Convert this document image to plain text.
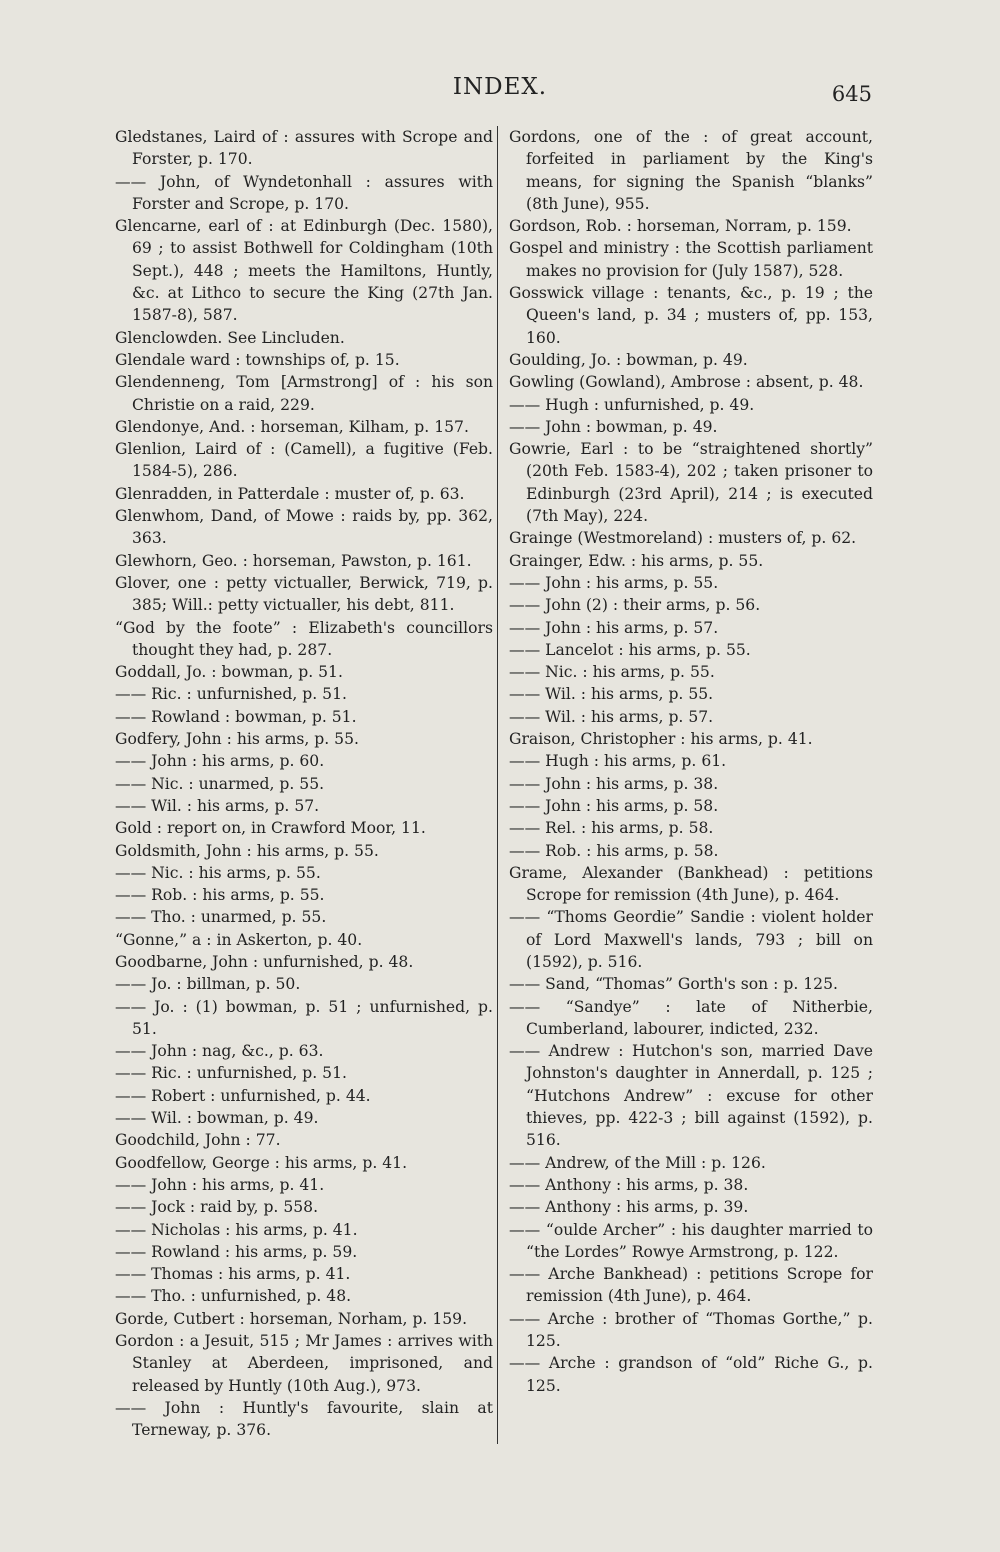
INDEX.	645
Gledstanes, Laird of : assures with Scrope and Forster, p. 170.
—— John, of Wyndetonhall : assures with Forster and Scrope, p. 170.
Glencarne, earl of : at Edinburgh (Dec. 1580), 69 ; to assist Bothwell for Coldingham (10th Sept.), 448 ; meets the Hamiltons, Huntly, &c. at Lithco to secure the King (27th Jan. 1587-8), 587.
Glenclowden. See Lincluden.
Glendale ward : townships of, p. 15.
Glendenneng, Tom [Armstrong] of : his son Christie on a raid, 229.
Glendonye, And. : horseman, Kilham, p. 157.
Glenlion, Laird of : (Camell), a fugitive (Feb. 1584-5), 286.
Glenradden, in Patterdale : muster of, p. 63.
Glenwhom, Dand, of Mowe : raids by, pp. 362, 363.
Glewhorn, Geo. : horseman, Pawston, p. 161.
Glover, one : petty victualler, Berwick, 719, p. 385; Will.: petty victualler, his debt, 811.
“God by the foote” : Elizabeth's councillors thought they had, p. 287.
Goddall, Jo. : bowman, p. 51.
—— Ric. : unfurnished, p. 51.
—— Rowland : bowman, p. 51.
Godfery, John : his arms, p. 55.
—— John : his arms, p. 60.
—— Nic. : unarmed, p. 55.
—— Wil. : his arms, p. 57.
Gold : report on, in Crawford Moor, 11.
Goldsmith, John : his arms, p. 55.
—— Nic. : his arms, p. 55.
—— Rob. : his arms, p. 55.
—— Tho. : unarmed, p. 55.
“Gonne,” a : in Askerton, p. 40.
Goodbarne, John : unfurnished, p. 48.
—— Jo. : billman, p. 50.
—— Jo. : (1) bowman, p. 51 ; unfurnished, p. 51.
—— John : nag, &c., p. 63.
—— Ric. : unfurnished, p. 51.
—— Robert : unfurnished, p. 44.
—— Wil. : bowman, p. 49.
Goodchild, John : 77.
Goodfellow, George : his arms, p. 41.
—— John : his arms, p. 41.
—— Jock : raid by, p. 558.
—— Nicholas : his arms, p. 41.
—— Rowland : his arms, p. 59.
—— Thomas : his arms, p. 41.
—— Tho. : unfurnished, p. 48.
Gorde, Cutbert : horseman, Norham, p. 159.
Gordon : a Jesuit, 515 ; Mr James : arrives with Stanley at Aberdeen, imprisoned, and released by Huntly (10th Aug.), 973.
—— John : Huntly's favourite, slain at Terneway, p. 376.
Gordons, one of the : of great account, forfeited in parliament by the King's means, for signing the Spanish “blanks” (8th June), 955.
Gordson, Rob. : horseman, Norram, p. 159.
Gospel and ministry : the Scottish parliament makes no provision for (July 1587), 528.
Gosswick village : tenants, &c., p. 19 ; the Queen's land, p. 34 ; musters of, pp. 153, 160.
Goulding, Jo. : bowman, p. 49.
Gowling (Gowland), Ambrose : absent, p. 48.
—— Hugh : unfurnished, p. 49.
—— John : bowman, p. 49.
Gowrie, Earl : to be “straightened shortly” (20th Feb. 1583-4), 202 ; taken prisoner to Edinburgh (23rd April), 214 ; is executed (7th May), 224.
Grainge (Westmoreland) : musters of, p. 62.
Grainger, Edw. : his arms, p. 55.
—— John : his arms, p. 55.
—— John (2) : their arms, p. 56.
—— John : his arms, p. 57.
—— Lancelot : his arms, p. 55.
—— Nic. : his arms, p. 55.
—— Wil. : his arms, p. 55.
—— Wil. : his arms, p. 57.
Graison, Christopher : his arms, p. 41.
—— Hugh : his arms, p. 61.
—— John : his arms, p. 38.
—— John : his arms, p. 58.
—— Rel. : his arms, p. 58.
—— Rob. : his arms, p. 58.
Grame, Alexander (Bankhead) : petitions Scrope for remission (4th June), p. 464.
—— “Thoms Geordie” Sandie : violent holder of Lord Maxwell's lands, 793 ; bill on (1592), p. 516.
—— Sand, “Thomas” Gorth's son : p. 125.
—— “Sandye” : late of Nitherbie, Cumberland, labourer, indicted, 232.
—— Andrew : Hutchon's son, married Dave Johnston's daughter in Annerdall, p. 125 ; “Hutchons Andrew” : excuse for other thieves, pp. 422-3 ; bill against (1592), p. 516.
—— Andrew, of the Mill : p. 126.
—— Anthony : his arms, p. 38.
—— Anthony : his arms, p. 39.
—— “oulde Archer” : his daughter married to “the Lordes” Rowye Armstrong, p. 122.
—— Arche Bankhead) : petitions Scrope for remission (4th June), p. 464.
—— Arche : brother of “Thomas Gorthe,” p. 125.
—— Arche : grandson of “old” Riche G., p. 125.
